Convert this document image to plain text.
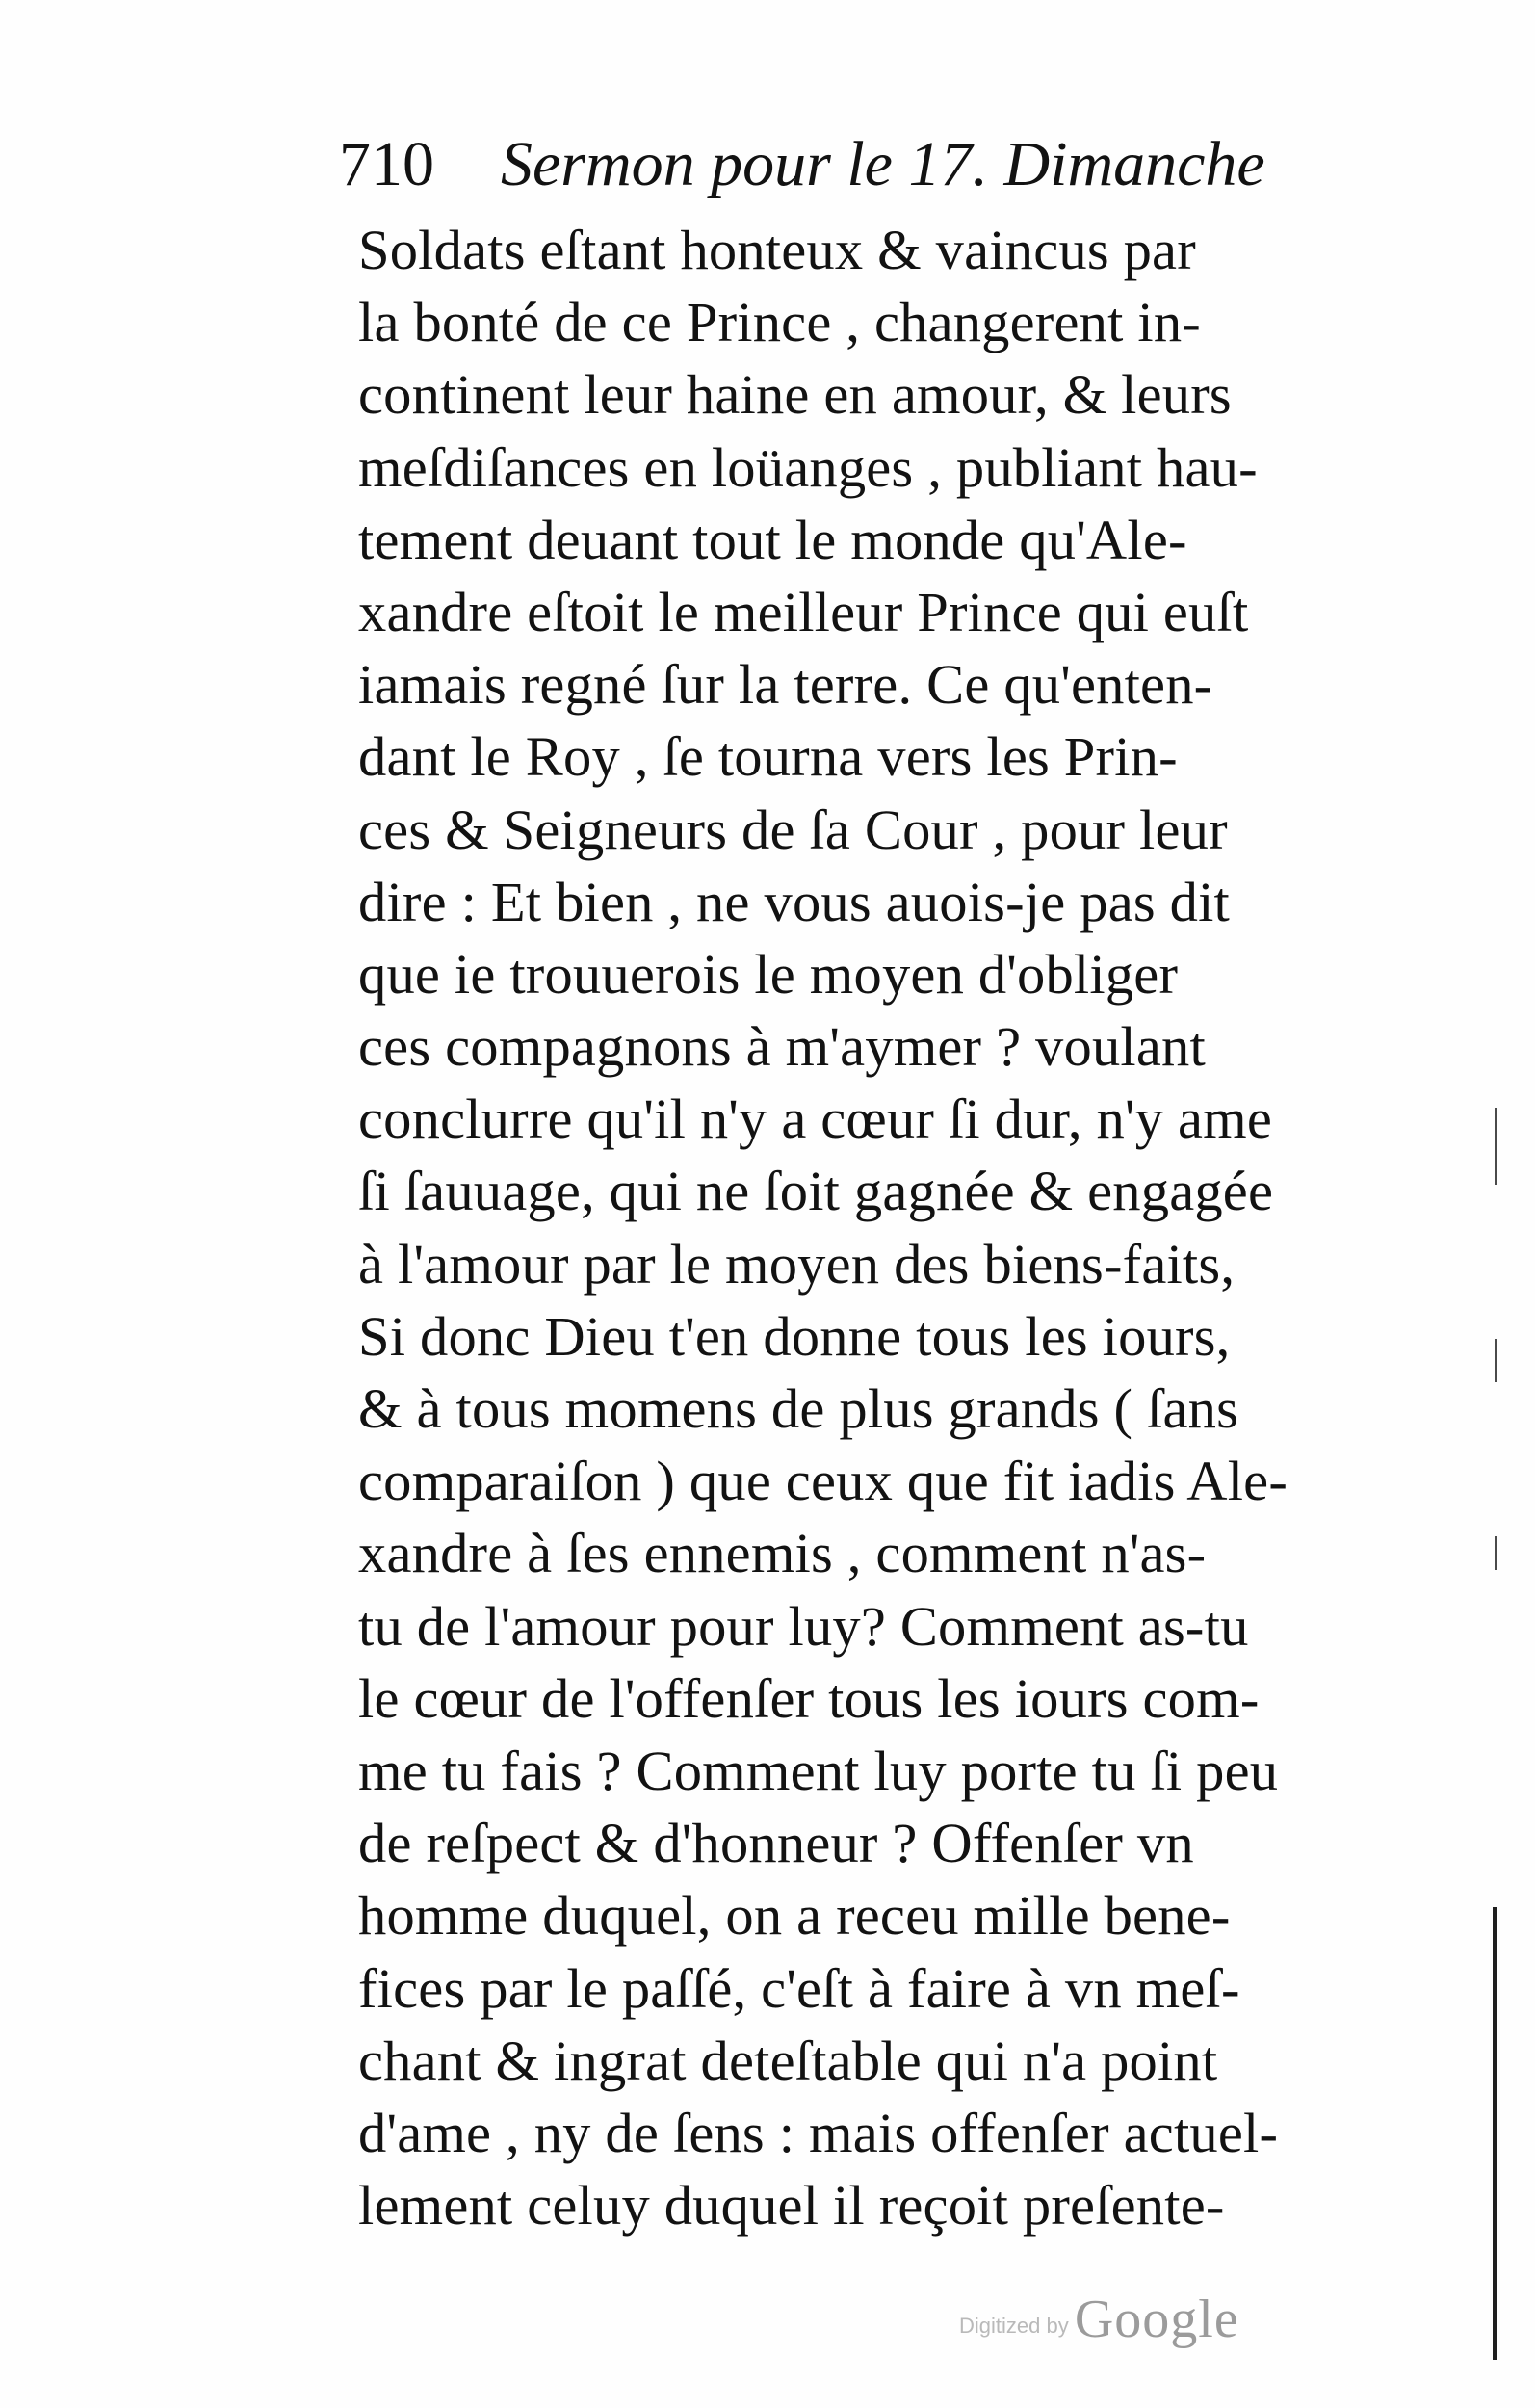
710 Sermon pour le 17. Dimanche
Soldats eſtant honteux & vaincus par
la bonté de ce Prince , changerent in-
continent leur haine en amour, & leurs
meſdiſances en loüanges , publiant hau-
tement deuant tout le monde qu'Ale-
xandre eſtoit le meilleur Prince qui euſt
iamais regné ſur la terre. Ce qu'enten-
dant le Roy , ſe tourna vers les Prin-
ces & Seigneurs de ſa Cour , pour leur
dire : Et bien , ne vous auois-je pas dit
que ie trouuerois le moyen d'obliger
ces compagnons à m'aymer ? voulant
conclurre qu'il n'y a cœur ſi dur, n'y ame
ſi ſauuage, qui ne ſoit gagnée & engagée
à l'amour par le moyen des biens-faits,
Si donc Dieu t'en donne tous les iours,
& à tous momens de plus grands ( ſans
comparaiſon ) que ceux que fit iadis Ale-
xandre à ſes ennemis , comment n'as-
tu de l'amour pour luy? Comment as-tu
le cœur de l'offenſer tous les iours com-
me tu fais ? Comment luy porte tu ſi peu
de reſpect & d'honneur ? Offenſer vn
homme duquel, on a receu mille bene-
fices par le paſſé, c'eſt à faire à vn meſ-
chant & ingrat deteſtable qui n'a point
d'ame , ny de ſens : mais offenſer actuel-
lement celuy duquel il reçoit preſente-
Digitized by Google
